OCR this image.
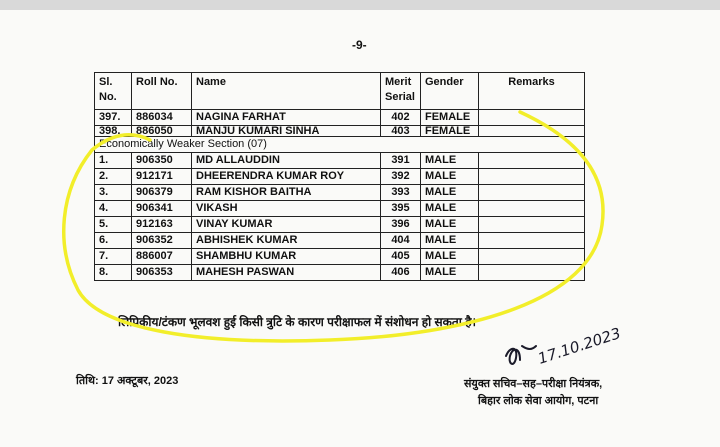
-9-
Sl. No.	Roll No.	Name	Merit Serial	Gender	Remarks
397.	886034	NAGINA FARHAT	402	FEMALE	
398.	886050	MANJU KUMARI SINHA	403	FEMALE	
Economically Weaker Section (07)					
1.	906350	MD ALLAUDDIN	391	MALE	
2.	912171	DHEERENDRA KUMAR ROY	392	MALE	
3.	906379	RAM KISHOR BAITHA	393	MALE	
4.	906341	VIKASH	395	MALE	
5.	912163	VINAY KUMAR	396	MALE	
6.	906352	ABHISHEK KUMAR	404	MALE	
7.	886007	SHAMBHU KUMAR	405	MALE	
8.	906353	MAHESH PASWAN	406	MALE	
लिपिकीय/टंकण भूलवश हुई किसी त्रुटि के कारण परीक्षाफल में संशोधन हो सकता है।
तिथि: 17 अक्टूबर, 2023	संयुक्त सचिव–सह–परीक्षा नियंत्रक,
बिहार लोक सेवा आयोग, पटना
17.10.2023
